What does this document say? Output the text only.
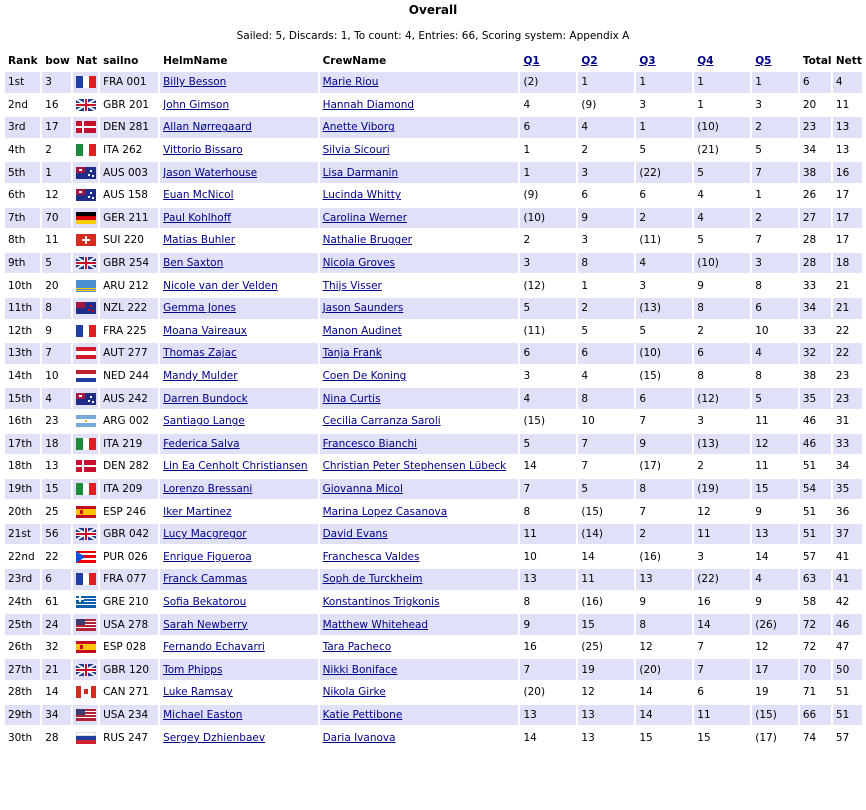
Overall
Sailed: 5, Discards: 1, To count: 4, Entries: 66, Scoring system: Appendix A
Rank	bow	Nat	sailno	HelmName	CrewName	Q1	Q2	Q3	Q4	Q5	Total	Nett
1st	3		FRA 001	Billy Besson	Marie Riou	(2)	1	1	1	1	6	4
2nd	16		GBR 201	John Gimson	Hannah Diamond	4	(9)	3	1	3	20	11
3rd	17		DEN 281	Allan Nørregaard	Anette Viborg	6	4	1	(10)	2	23	13
4th	2		ITA 262	Vittorio Bissaro	Silvia Sicouri	1	2	5	(21)	5	34	13
5th	1		AUS 003	Jason Waterhouse	Lisa Darmanin	1	3	(22)	5	7	38	16
6th	12		AUS 158	Euan McNicol	Lucinda Whitty	(9)	6	6	4	1	26	17
7th	70		GER 211	Paul Kohlhoff	Carolina Werner	(10)	9	2	4	2	27	17
8th	11		SUI 220	Matias Buhler	Nathalie Brugger	2	3	(11)	5	7	28	17
9th	5		GBR 254	Ben Saxton	Nicola Groves	3	8	4	(10)	3	28	18
10th	20		ARU 212	Nicole van der Velden	Thijs Visser	(12)	1	3	9	8	33	21
11th	8		NZL 222	Gemma Jones	Jason Saunders	5	2	(13)	8	6	34	21
12th	9		FRA 225	Moana Vaireaux	Manon Audinet	(11)	5	5	2	10	33	22
13th	7		AUT 277	Thomas Zajac	Tanja Frank	6	6	(10)	6	4	32	22
14th	10		NED 244	Mandy Mulder	Coen De Koning	3	4	(15)	8	8	38	23
15th	4		AUS 242	Darren Bundock	Nina Curtis	4	8	6	(12)	5	35	23
16th	23		ARG 002	Santiago Lange	Cecilia Carranza Saroli	(15)	10	7	3	11	46	31
17th	18		ITA 219	Federica Salva	Francesco Bianchi	5	7	9	(13)	12	46	33
18th	13		DEN 282	Lin Ea Cenholt Christiansen	Christian Peter Stephensen Lübeck	14	7	(17)	2	11	51	34
19th	15		ITA 209	Lorenzo Bressani	Giovanna Micol	7	5	8	(19)	15	54	35
20th	25		ESP 246	Iker Martinez	Marina Lopez Casanova	8	(15)	7	12	9	51	36
21st	56		GBR 042	Lucy Macgregor	David Evans	11	(14)	2	11	13	51	37
22nd	22		PUR 026	Enrique Figueroa	Franchesca Valdes	10	14	(16)	3	14	57	41
23rd	6		FRA 077	Franck Cammas	Soph de Turckheim	13	11	13	(22)	4	63	41
24th	61		GRE 210	Sofia Bekatorou	Konstantinos Trigkonis	8	(16)	9	16	9	58	42
25th	24		USA 278	Sarah Newberry	Matthew Whitehead	9	15	8	14	(26)	72	46
26th	32		ESP 028	Fernando Echavarri	Tara Pacheco	16	(25)	12	7	12	72	47
27th	21		GBR 120	Tom Phipps	Nikki Boniface	7	19	(20)	7	17	70	50
28th	14		CAN 271	Luke Ramsay	Nikola Girke	(20)	12	14	6	19	71	51
29th	34		USA 234	Michael Easton	Katie Pettibone	13	13	14	11	(15)	66	51
30th	28		RUS 247	Sergey Dzhienbaev	Daria Ivanova	14	13	15	15	(17)	74	57
